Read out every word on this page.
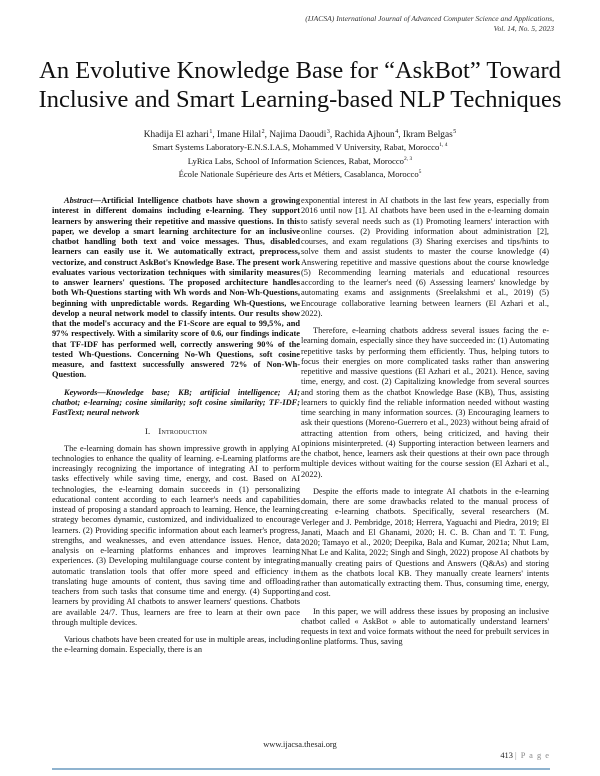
(IJACSA) International Journal of Advanced Computer Science and Applications,
Vol. 14, No. 5, 2023
An Evolutive Knowledge Base for “AskBot” Toward
Inclusive and Smart Learning-based NLP Techniques
Khadija El azhari$^1$, Imane Hilal$^2$, Najima Daoudi$^3$, Rachida Ajhoun$^4$, Ikram Belgas$^5$
Smart Systems Laboratory-E.N.S.I.A.S, Mohammed V University, Rabat, Morocco$^{1, 4}$
LyRica Labs, School of Information Sciences, Rabat, Morocco$^{2, 3}$
École Nationale Supérieure des Arts et Métiers, Casablanca, Morocco$^5$

Abstract—Artificial Intelligence chatbots have shown a growing interest in different domains including e-learning. They support learners by answering their repetitive and massive questions. In this paper, we develop a smart learning architecture for an inclusive chatbot handling both text and voice messages. Thus, disabled learners can easily use it. We automatically extract, preprocess, vectorize, and construct AskBot's Knowledge Base. The present work evaluates various vectorization techniques with similarity measures to answer learners' questions. The proposed architecture handles both Wh-Questions starting with Wh words and Non-Wh-Questions, beginning with unpredictable words. Regarding Wh-Questions, we develop a neural network model to classify intents. Our results show that the model's accuracy and the F1-Score are equal to 99,5%, and 97% respectively. With a similarity score of 0.6, our findings indicate that TF-IDF has performed well, correctly answering 90% of the tested Wh-Questions. Concerning No-Wh Questions, soft cosine measure, and fasttext successfully answered 72% of Non-Wh-Question.

Keywords—Knowledge base; KB; artificial intelligence; AI; chatbot; e-learning; cosine similarity; soft cosine similarity; TF-IDF; FastText; neural network

I. Introduction

The e-learning domain has shown impressive growth in applying AI technologies to enhance the quality of learning. e-Learning platforms are increasingly recognizing the importance of integrating AI to perform tasks effectively while saving time, energy, and cost. Based on AI technologies, the e-learning domain succeeds in (1) personalizing educational content according to each learner's needs and capabilities instead of proposing a standard approach to learning. Hence, the learning strategy becomes dynamic, customized, and individualized to encourage learners. (2) Providing specific information about each learner's progress, strengths, and weaknesses, and even attendance issues. Hence, data analysis on e-learning platforms enhances and improves learning experiences. (3) Developing multilanguage course content by integrating automatic translation tools that offer more speed and efficiency in translating huge amounts of content, thus saving time and offloading teachers from such tasks that consume time and energy. (4) Supporting learners by providing AI chatbots to answer learners' questions. Chatbots are available 24/7. Thus, learners are free to learn at their own pace through multiple devices.

Various chatbots have been created for use in multiple areas, including the e-learning domain. Especially, there is an

exponential interest in AI chatbots in the last few years, especially from 2016 until now [1]. AI chatbots have been used in the e-learning domain to satisfy several needs such as (1) Promoting learners' interaction with online courses. (2) Providing information about administration [2], courses, and exam regulations (3) Sharing exercises and tips/hints to solve them and assist students to master the course knowledge (4) Answering repetitive and massive questions about the course knowledge (5) Recommending learning materials and educational resources according to the learner's need (6) Assessing learners' knowledge by automating exams and assignments (Sreelakshmi et al., 2019) (5) Encourage collaborative learning between learners (El Azhari et al., 2022).

Therefore, e-learning chatbots address several issues facing the e-learning domain, especially since they have succeeded in: (1) Automating repetitive tasks by performing them efficiently. Thus, helping tutors to focus their energies on more complicated tasks rather than answering repetitive and massive questions (El Azhari et al., 2021). Hence, saving time, energy, and cost. (2) Capitalizing knowledge from several sources and storing them as the chatbot Knowledge Base (KB), Thus, assisting learners to quickly find the reliable information needed without wasting time searching in many information sources. (3) Encouraging learners to ask their questions (Moreno-Guerrero et al., 2023) without being afraid of attracting attention from others, being criticized, and having their opinions misinterpreted. (4) Supporting interaction between learners and the chatbot, hence, learners ask their questions at their own pace through multiple devices without waiting for the course session (El Azhari et al., 2022).

Despite the efforts made to integrate AI chatbots in the e-learning domain, there are some drawbacks related to the manual process of creating e-learning chatbots. Specifically, several researchers (M. Verleger and J. Pembridge, 2018; Herrera, Yaguachi and Piedra, 2019; El Janati, Maach and El Ghanami, 2020; H. C. B. Chan and T. T. Fung, 2020; Tamayo et al., 2020; Deepika, Bala and Kumar, 2021a; Nhut Lam, Nhat Le and Kalita, 2022; Singh and Singh, 2022) propose AI chatbots by manually creating pairs of Questions and Answers (Q&As) and storing them as the chatbots local KB. They manually create learners' intents rather than automatically extracting them. Thus, consuming time, energy, and cost.

In this paper, we will address these issues by proposing an inclusive chatbot called « AskBot » able to automatically understand learners' requests in text and voice formats without the need for prebuilt services in online platforms. Thus, saving

www.ijacsa.thesai.org
413 | P a g e
